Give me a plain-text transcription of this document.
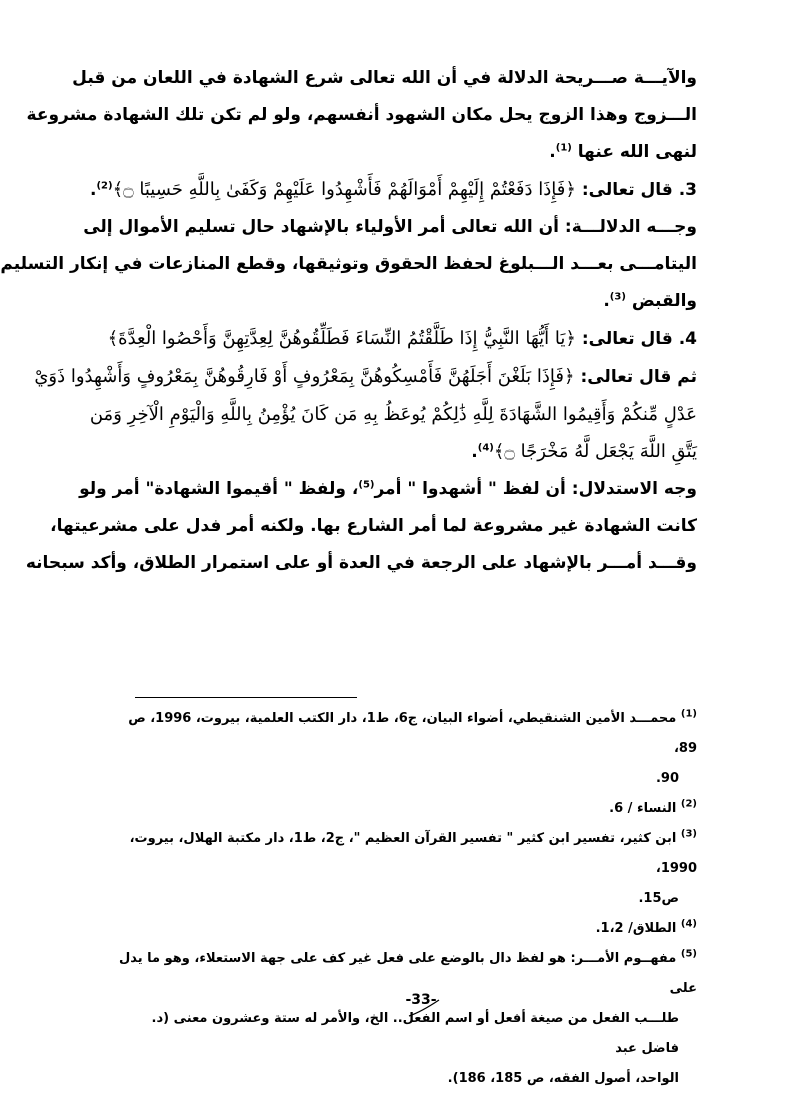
والآيـــة صـــريحة الدلالة في أن الله تعالى شرع الشهادة في اللعان من قبل
الـــزوج وهذا الزوج يحل مكان الشهود أنفسهم، ولو لم تكن تلك الشهادة مشروعة
لنهى الله عنها $^{(1)}$.
3. قال تعالى: ﴿فَإِذَا دَفَعْتُمْ إِلَيْهِمْ أَمْوَالَهُمْ فَأَشْهِدُوا عَلَيْهِمْ وَكَفَىٰ بِاللَّهِ حَسِيبًا ۝﴾$^{(2)}$.
وجـــه الدلالـــة: أن الله تعالى أمر الأولياء بالإشهاد حال تسليم الأموال إلى
اليتامـــى بعـــد الـــبلوغ لحفظ الحقوق وتوثيقها، وقطع المنازعات في إنكار التسليم
والقبض $^{(3)}$.
4. قال تعالى: ﴿يَا أَيُّهَا النَّبِيُّ إِذَا طَلَّقْتُمُ النِّسَاءَ فَطَلِّقُوهُنَّ لِعِدَّتِهِنَّ وَأَحْصُوا الْعِدَّةَ﴾
ثم قال تعالى: ﴿فَإِذَا بَلَغْنَ أَجَلَهُنَّ فَأَمْسِكُوهُنَّ بِمَعْرُوفٍ أَوْ فَارِقُوهُنَّ بِمَعْرُوفٍ وَأَشْهِدُوا ذَوَيْ
عَدْلٍ مِّنكُمْ وَأَقِيمُوا الشَّهَادَةَ لِلَّهِ ذَٰلِكُمْ يُوعَظُ بِهِ مَن كَانَ يُؤْمِنُ بِاللَّهِ وَالْيَوْمِ الْآخِرِ وَمَن
يَتَّقِ اللَّهَ يَجْعَل لَّهُ مَخْرَجًا ۝﴾$^{(4)}$.
وجه الاستدلال: أن لفظ " أشهدوا " أمر$^{(5)}$، ولفظ " أقيموا الشهادة" أمر ولو
كانت الشهادة غير مشروعة لما أمر الشارع بها. ولكنه أمر فدل على مشرعيتها،
وقـــد أمـــر بالإشهاد على الرجعة في العدة أو على استمرار الطلاق، وأكد سبحانه
$^{(1)}$ محمـــد الأمين الشنقيطي، أضواء البيان، ج6، ط1، دار الكتب العلمية، بيروت، 1996، ص 89،
90.
$^{(2)}$ النساء / 6.
$^{(3)}$ ابن كثير، تفسير ابن كثير " تفسير القرآن العظيم "، ج2، ط1، دار مكتبة الهلال، بيروت، 1990،
ص15.
$^{(4)}$ الطلاق/ 1،2.
$^{(5)}$ مفهــوم الأمـــر: هو لفظ دال بالوضع على فعل غير كف على جهة الاستعلاء، وهو ما يدل على
طلـــب الفعل من صيغة أفعل أو اسم الفعل.. الخ، والأمر له ستة وعشرون معنى (د. فاضل عبد
الواحد، أصول الفقه، ص 185، 186).
-33-
